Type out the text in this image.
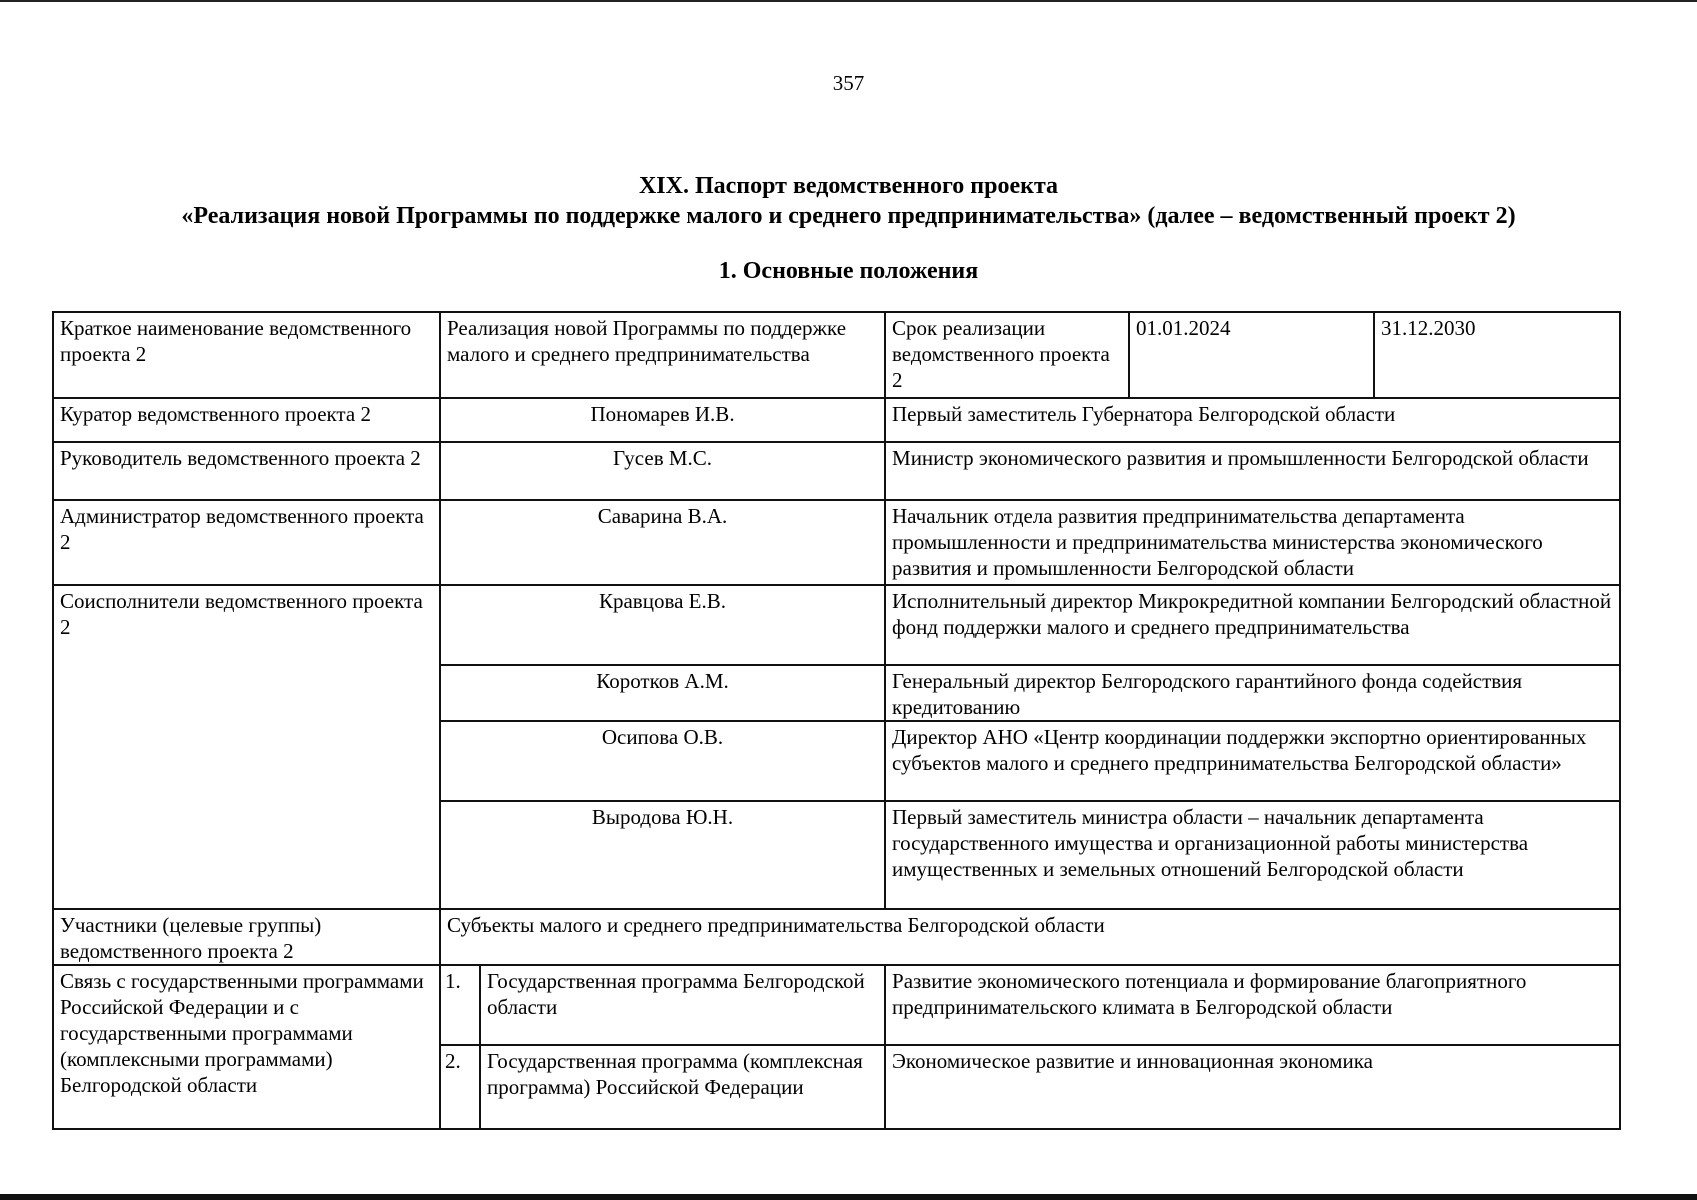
357
XIX. Паспорт ведомственного проекта
«Реализация новой Программы по поддержке малого и среднего предпринимательства» (далее – ведомственный проект 2)
1. Основные положения
Краткое наименование ведомственного проекта 2	Реализация новой Программы по поддержке малого и среднего предпринимательства		Срок реализации ведомственного проекта 2	01.01.2024	31.12.2030
Куратор ведомственного проекта 2	Пономарев И.В.		Первый заместитель Губернатора Белгородской области		
Руководитель ведомственного проекта 2	Гусев М.С.		Министр экономического развития и промышленности Белгородской области		
Администратор ведомственного проекта 2	Саварина В.А.		Начальник отдела развития предпринимательства департамента промышленности и предпринимательства министерства экономического развития и промышленности Белгородской области		
Соисполнители ведомственного проекта 2	Кравцова Е.В.		Исполнительный директор Микрокредитной компании Белгородский областной фонд поддержки малого и среднего предпринимательства		
	Коротков А.М.		Генеральный директор Белгородского гарантийного фонда содействия кредитованию		
	Осипова О.В.		Директор АНО «Центр координации поддержки экспортно ориентированных субъектов малого и среднего предпринимательства Белгородской области»		
	Выродова Ю.Н.		Первый заместитель министра области – начальник департамента государственного имущества и организационной работы министерства имущественных и земельных отношений Белгородской области		
Участники (целевые группы) ведомственного проекта 2	Субъекты малого и среднего предпринимательства Белгородской области				
Связь с государственными программами Российской Федерации и с государственными программами (комплексными программами) Белгородской области	1.	Государственная программа Белгородской области	Развитие экономического потенциала и формирование благоприятного предпринимательского климата в Белгородской области		
	2.	Государственная программа (комплексная программа) Российской Федерации	Экономическое развитие и инновационная экономика		
